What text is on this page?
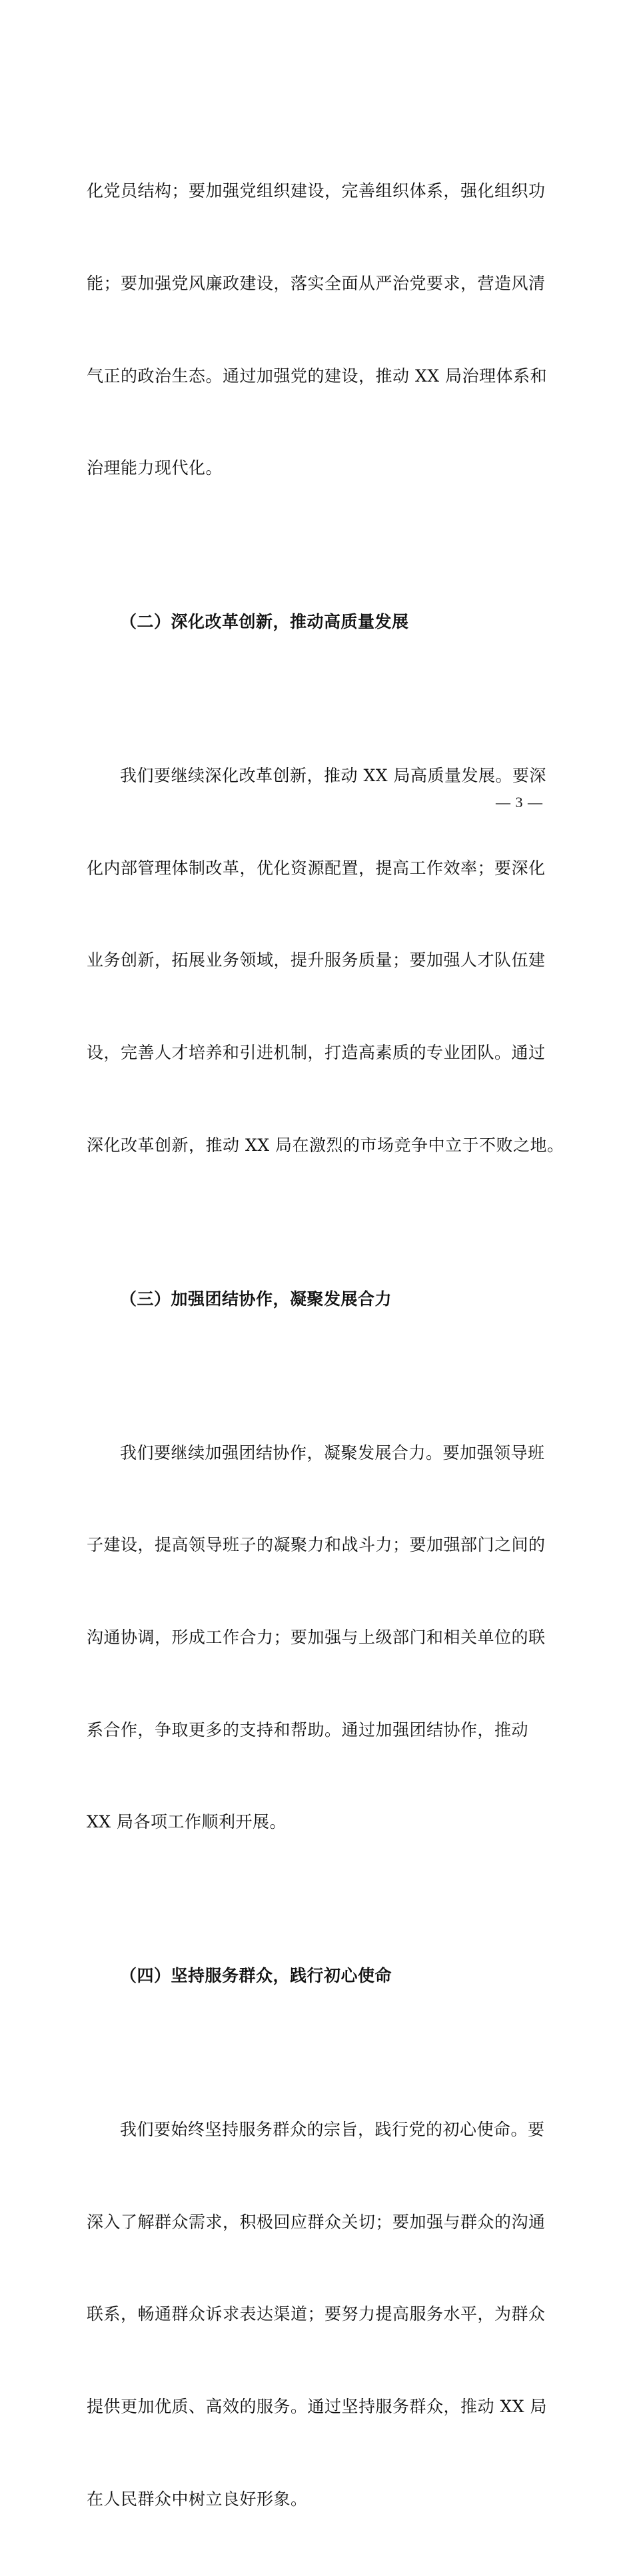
化党员结构；要加强党组织建设，完善组织体系，强化组织功

能；要加强党风廉政建设，落实全面从严治党要求，营造风清

气正的政治生态。通过加强党的建设，推动 XX 局治理体系和

治理能力现代化。

（二）深化改革创新，推动高质量发展

我们要继续深化改革创新，推动 XX 局高质量发展。要深

化内部管理体制改革，优化资源配置，提高工作效率；要深化

业务创新，拓展业务领域，提升服务质量；要加强人才队伍建

设，完善人才培养和引进机制，打造高素质的专业团队。通过

深化改革创新，推动 XX 局在激烈的市场竞争中立于不败之地。

（三）加强团结协作，凝聚发展合力

我们要继续加强团结协作，凝聚发展合力。要加强领导班

子建设，提高领导班子的凝聚力和战斗力；要加强部门之间的

沟通协调，形成工作合力；要加强与上级部门和相关单位的联

系合作，争取更多的支持和帮助。通过加强团结协作，推动

XX 局各项工作顺利开展。

（四）坚持服务群众，践行初心使命

我们要始终坚持服务群众的宗旨，践行党的初心使命。要

深入了解群众需求，积极回应群众关切；要加强与群众的沟通

联系，畅通群众诉求表达渠道；要努力提高服务水平，为群众

提供更加优质、高效的服务。通过坚持服务群众，推动 XX 局

在人民群众中树立良好形象。

— 3 —
